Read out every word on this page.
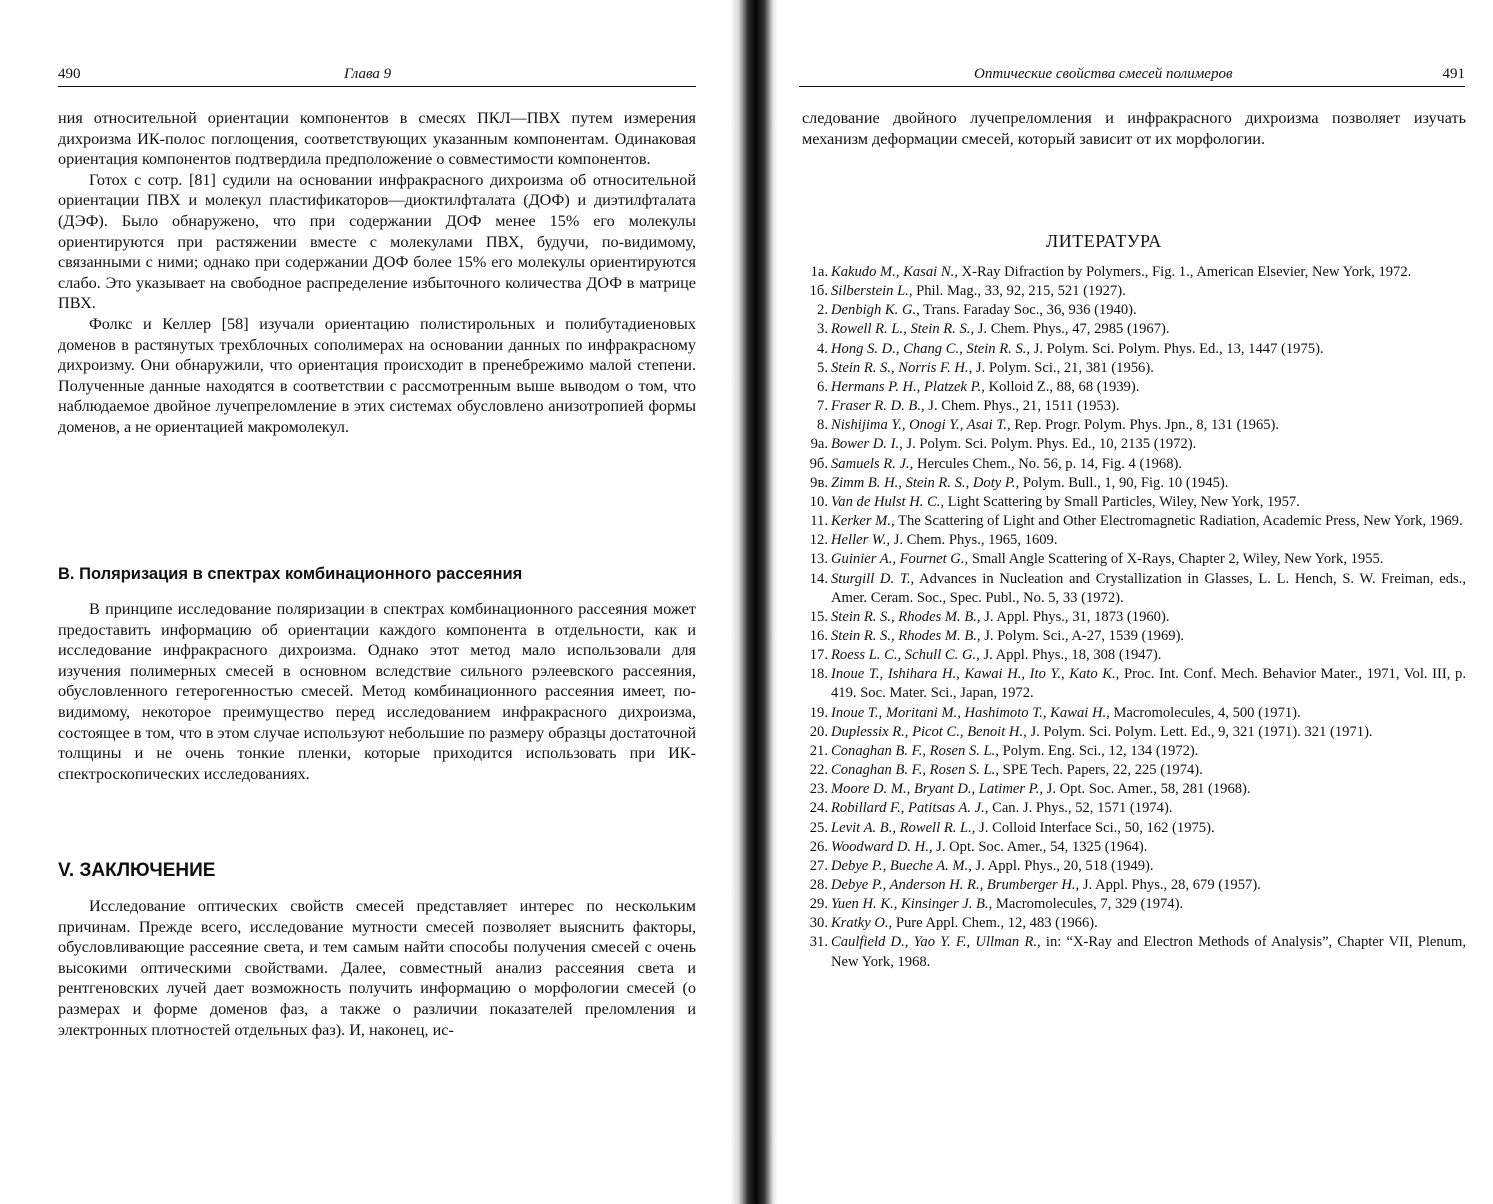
490	Глава 9

ния относительной ориентации компонентов в смесях ПКЛ—ПВХ путем измерения дихроизма ИК-полос поглощения, соответствующих указанным компонентам. Одинаковая ориентация компонентов подтвердила предположение о совместимости компонентов.

Готох с сотр. [81] судили на основании инфракрасного дихроизма об относительной ориентации ПВХ и молекул пластификаторов—диоктилфталата (ДОФ) и диэтилфталата (ДЭФ). Было обнаружено, что при содержании ДОФ менее 15% его молекулы ориентируются при растяжении вместе с молекулами ПВХ, будучи, по-видимому, связанными с ними; однако при содержании ДОФ более 15% его молекулы ориентируются слабо. Это указывает на свободное распределение избыточного количества ДОФ в матрице ПВХ.

Фолкс и Келлер [58] изучали ориентацию полистирольных и полибутадиеновых доменов в растянутых трехблочных сополимерах на основании данных по инфракрасному дихроизму. Они обнаружили, что ориентация происходит в пренебрежимо малой степени. Полученные данные находятся в соответствии с рассмотренным выше выводом о том, что наблюдаемое двойное лучепреломление в этих системах обусловлено анизотропией формы доменов, а не ориентацией макромолекул.

В. Поляризация в спектрах комбинационного рассеяния

В принципе исследование поляризации в спектрах комбинационного рассеяния может предоставить информацию об ориентации каждого компонента в отдельности, как и исследование инфракрасного дихроизма. Однако этот метод мало использовали для изучения полимерных смесей в основном вследствие сильного рэлеевского рассеяния, обусловленного гетерогенностью смесей. Метод комбинационного рассеяния имеет, по-видимому, некоторое преимущество перед исследованием инфракрасного дихроизма, состоящее в том, что в этом случае используют небольшие по размеру образцы достаточной толщины и не очень тонкие пленки, которые приходится использовать при ИК-спектроскопических исследованиях.

V. ЗАКЛЮЧЕНИЕ

Исследование оптических свойств смесей представляет интерес по нескольким причинам. Прежде всего, исследование мутности смесей позволяет выяснить факторы, обусловливающие рассеяние света, и тем самым найти способы получения смесей с очень высокими оптическими свойствами. Далее, совместный анализ рассеяния света и рентгеновских лучей дает возможность получить информацию о морфологии смесей (о размерах и форме доменов фаз, а также о различии показателей преломления и электронных плотностей отдельных фаз). И, наконец, ис-

Оптические свойства смесей полимеров	491

следование двойного лучепреломления и инфракрасного дихроизма позволяет изучать механизм деформации смесей, который зависит от их морфологии.

ЛИТЕРАТУРА
1а. Kakudo M., Kasai N., X-Ray Difraction by Polymers., Fig. 1., American Elsevier, New York, 1972.
1б. Silberstein L., Phil. Mag., 33, 92, 215, 521 (1927).
2. Denbigh K. G., Trans. Faraday Soc., 36, 936 (1940).
3. Rowell R. L., Stein R. S., J. Chem. Phys., 47, 2985 (1967).
4. Hong S. D., Chang C., Stein R. S., J. Polym. Sci. Polym. Phys. Ed., 13, 1447 (1975).
5. Stein R. S., Norris F. H., J. Polym. Sci., 21, 381 (1956).
6. Hermans P. H., Platzek P., Kolloid Z., 88, 68 (1939).
7. Fraser R. D. B., J. Chem. Phys., 21, 1511 (1953).
8. Nishijima Y., Onogi Y., Asai T., Rep. Progr. Polym. Phys. Jpn., 8, 131 (1965).
9а. Bower D. I., J. Polym. Sci. Polym. Phys. Ed., 10, 2135 (1972).
9б. Samuels R. J., Hercules Chem., No. 56, p. 14, Fig. 4 (1968).
9в. Zimm B. H., Stein R. S., Doty P., Polym. Bull., 1, 90, Fig. 10 (1945).
10. Van de Hulst H. C., Light Scattering by Small Particles, Wiley, New York, 1957.
11. Kerker M., The Scattering of Light and Other Electromagnetic Radiation, Academic Press, New York, 1969.
12. Heller W., J. Chem. Phys., 1965, 1609.
13. Guinier A., Fournet G., Small Angle Scattering of X-Rays, Chapter 2, Wiley, New York, 1955.
14. Sturgill D. T., Advances in Nucleation and Crystallization in Glasses, L. L. Hench, S. W. Freiman, eds., Amer. Ceram. Soc., Spec. Publ., No. 5, 33 (1972).
15. Stein R. S., Rhodes M. B., J. Appl. Phys., 31, 1873 (1960).
16. Stein R. S., Rhodes M. B., J. Polym. Sci., A-27, 1539 (1969).
17. Roess L. C., Schull C. G., J. Appl. Phys., 18, 308 (1947).
18. Inoue T., Ishihara H., Kawai H., Ito Y., Kato K., Proc. Int. Conf. Mech. Behavior Mater., 1971, Vol. III, p. 419. Soc. Mater. Sci., Japan, 1972.
19. Inoue T., Moritani M., Hashimoto T., Kawai H., Macromolecules, 4, 500 (1971).
20. Duplessix R., Picot C., Benoit H., J. Polym. Sci. Polym. Lett. Ed., 9, 321 (1971). 321 (1971).
21. Conaghan B. F., Rosen S. L., Polym. Eng. Sci., 12, 134 (1972).
22. Conaghan B. F., Rosen S. L., SPE Tech. Papers, 22, 225 (1974).
23. Moore D. M., Bryant D., Latimer P., J. Opt. Soc. Amer., 58, 281 (1968).
24. Robillard F., Patitsas A. J., Can. J. Phys., 52, 1571 (1974).
25. Levit A. B., Rowell R. L., J. Colloid Interface Sci., 50, 162 (1975).
26. Woodward D. H., J. Opt. Soc. Amer., 54, 1325 (1964).
27. Debye P., Bueche A. M., J. Appl. Phys., 20, 518 (1949).
28. Debye P., Anderson H. R., Brumberger H., J. Appl. Phys., 28, 679 (1957).
29. Yuen H. K., Kinsinger J. B., Macromolecules, 7, 329 (1974).
30. Kratky O., Pure Appl. Chem., 12, 483 (1966).
31. Caulfield D., Yao Y. F., Ullman R., in: “X-Ray and Electron Methods of Analysis”, Chapter VII, Plenum, New York, 1968.
